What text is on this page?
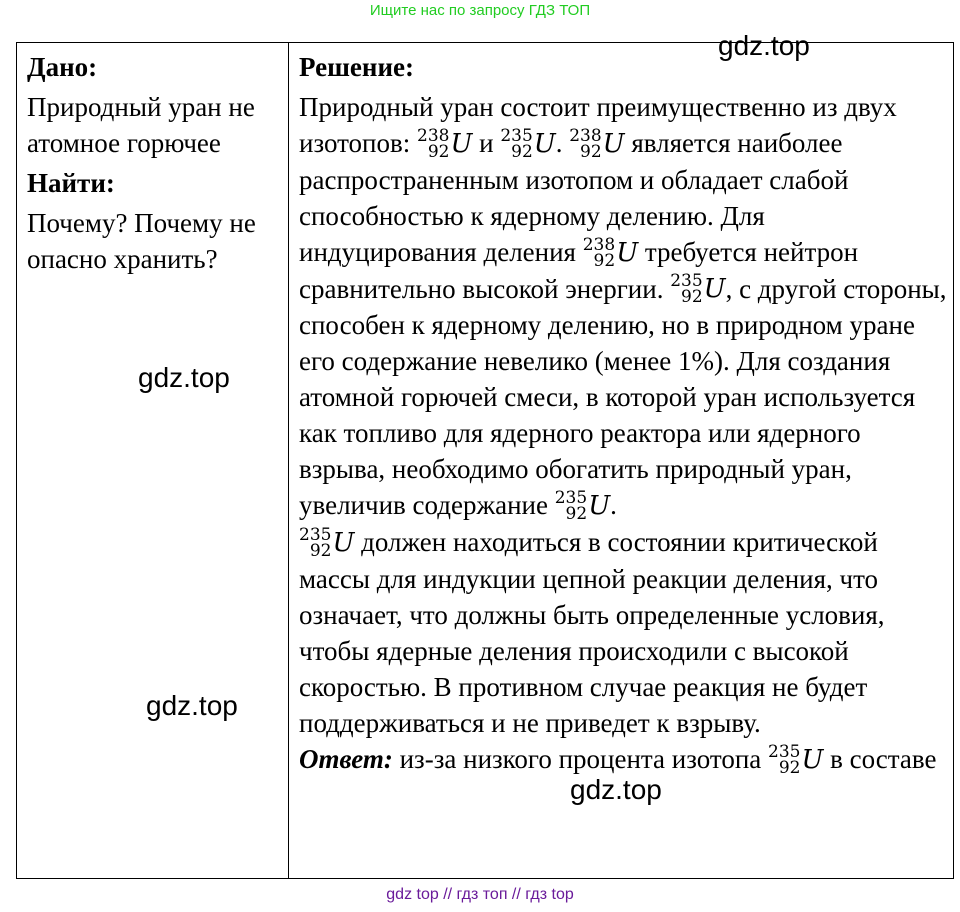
Ищите нас по запросу ГДЗ ТОП
Дано:
Природный уран не атомное горючее
Найти:
Почему? Почему не опасно хранить?
Решение:
Природный уран состоит преимущественно из двух изотопов: 238
92 U и 235
92 U . 238
92 U является наиболее распространенным изотопом и обладает слабой способностью к ядерному делению. Для индуцирования деления 238
92 U требуется нейтрон сравнительно высокой энергии. 235
92 U , с другой стороны, способен к ядерному делению, но в природном уране его содержание невелико (менее 1%). Для создания атомной горючей смеси, в которой уран используется как топливо для ядерного реактора или ядерного взрыва, необходимо обогатить природный уран, увеличив содержание 235
92 U .

235
92 U должен находиться в состоянии критической массы для индукции цепной реакции деления, что означает, что должны быть определенные условия, чтобы ядерные деления происходили с высокой скоростью. В противном случае реакция не будет поддерживаться и не приведет к взрыву.
Ответ: из-за низкого процента изотопа 235
92 U в составе
gdz.top
gdz.top
gdz.top
gdz.top
gdz top // гдз топ // гдз top
